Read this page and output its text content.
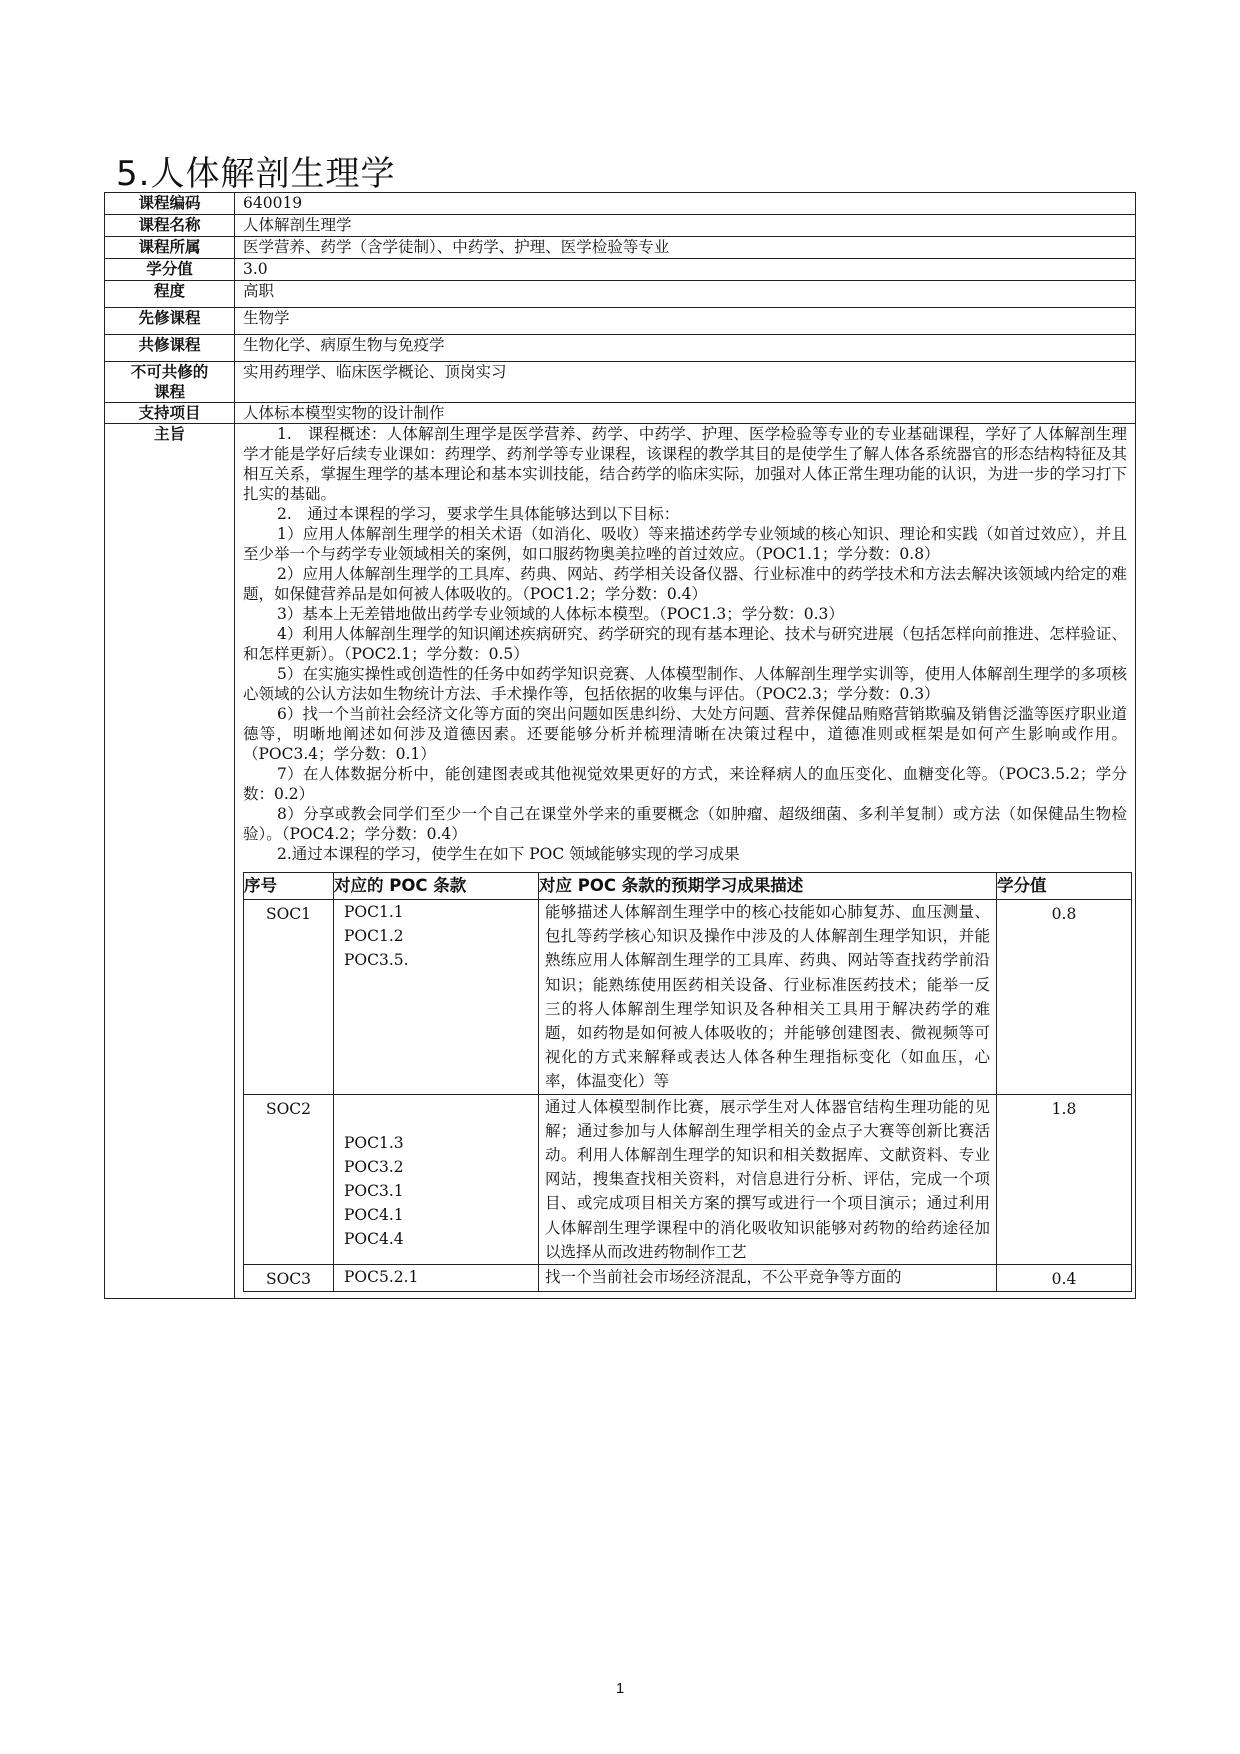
5.人体解剖生理学
课程编码	640019
课程名称	人体解剖生理学
课程所属	医学营养、药学（含学徒制）、中药学、护理、医学检验等专业
学分值	3.0
程度	高职
先修课程	生物学
共修课程	生物化学、病原生物与免疫学

不可共修的
课程
	实用药理学、临床医学概论、顶岗实习
支持项目	人体标本模型实物的设计制作
主旨	1.　课程概述：人体解剖生理学是医学营养、药学、中药学、护理、医学检验等专业的专业基础课程，学好了人体解剖生理学才能是学好后续专业课如：药理学、药剂学等专业课程，该课程的教学其目的是使学生了解人体各系统器官的形态结构特征及其相互关系，掌握生理学的基本理论和基本实训技能，结合药学的临床实际，加强对人体正常生理功能的认识，为进一步的学习打下扎实的基础。

2.　通过本课程的学习，要求学生具体能够达到以下目标：

1）应用人体解剖生理学的相关术语（如消化、吸收）等来描述药学专业领域的核心知识、理论和实践（如首过效应），并且至少举一个与药学专业领域相关的案例，如口服药物奥美拉唑的首过效应。（POC1.1；学分数：0.8）

2）应用人体解剖生理学的工具库、药典、网站、药学相关设备仪器、行业标准中的药学技术和方法去解决该领域内给定的难题，如保健营养品是如何被人体吸收的。（POC1.2；学分数：0.4）

3）基本上无差错地做出药学专业领域的人体标本模型。（POC1.3；学分数：0.3）

4）利用人体解剖生理学的知识阐述疾病研究、药学研究的现有基本理论、技术与研究进展（包括怎样向前推进、怎样验证、和怎样更新）。（POC2.1；学分数：0.5）

5）在实施实操性或创造性的任务中如药学知识竞赛、人体模型制作、人体解剖生理学实训等，使用人体解剖生理学的多项核心领域的公认方法如生物统计方法、手术操作等，包括依据的收集与评估。（POC2.3；学分数：0.3）

6）找一个当前社会经济文化等方面的突出问题如医患纠纷、大处方问题、营养保健品贿赂营销欺骗及销售泛滥等医疗职业道德等，明晰地阐述如何涉及道德因素。还要能够分析并梳理清晰在决策过程中，道德准则或框架是如何产生影响或作用。（POC3.4；学分数：0.1）

7）在人体数据分析中，能创建图表或其他视觉效果更好的方式，来诠释病人的血压变化、血糖变化等。（POC3.5.2；学分数：0.2）

8）分享或教会同学们至少一个自己在课堂外学来的重要概念（如肿瘤、超级细菌、多利羊复制）或方法（如保健品生物检验）。（POC4.2；学分数：0.4）

2.通过本课程的学习，使学生在如下 POC 领域能够实现的学习成果

序号	对应的 POC 条款	对应 POC 条款的预期学习成果描述	学分值
SOC1	POC1.1
POC1.2
POC3.5.
	能够描述人体解剖生理学中的核心技能如心肺复苏、血压测量、包扎等药学核心知识及操作中涉及的人体解剖生理学知识，并能熟练应用人体解剖生理学的工具库、药典、网站等查找药学前沿知识；能熟练使用医药相关设备、行业标准医药技术；能举一反三的将人体解剖生理学知识及各种相关工具用于解决药学的难题，如药物是如何被人体吸收的；并能够创建图表、微视频等可视化的方式来解释或表达人体各种生理指标变化（如血压，心率，体温变化）等	0.8
SOC2	
POC1.3
POC3.2
POC3.1
POC4.1
POC4.4
	通过人体模型制作比赛，展示学生对人体器官结构生理功能的见解；通过参加与人体解剖生理学相关的金点子大赛等创新比赛活动。利用人体解剖生理学的知识和相关数据库、文献资料、专业网站，搜集查找相关资料，对信息进行分析、评估，完成一个项目、或完成项目相关方案的撰写或进行一个项目演示；通过利用人体解剖生理学课程中的消化吸收知识能够对药物的给药途径加以选择从而改进药物制作工艺	1.8
SOC3	POC5.2.1	找一个当前社会市场经济混乱，不公平竞争等方面的	0.4
1
